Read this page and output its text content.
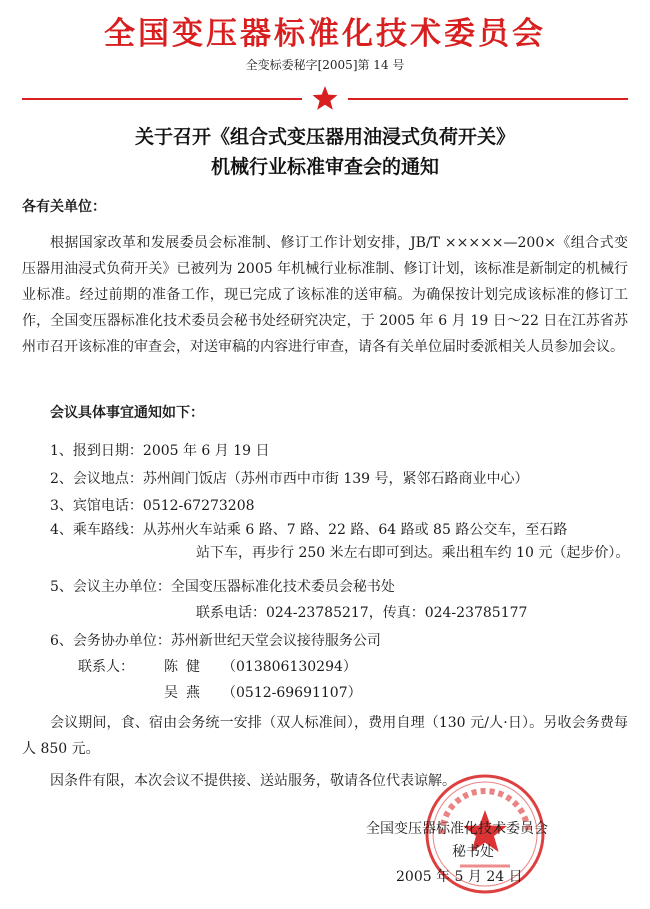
全国变压器标准化技术委员会
全变标委秘字[2005]第 14 号
关于召开《组合式变压器用油浸式负荷开关》
机械行业标准审查会的通知
各有关单位：
根据国家改革和发展委员会标准制、修订工作计划安排，JB/T ×××××—200×《组合式变压器用油浸式负荷开关》已被列为 2005 年机械行业标准制、修订计划，该标准是新制定的机械行业标准。经过前期的准备工作，现已完成了该标准的送审稿。为确保按计划完成该标准的修订工作，全国变压器标准化技术委员会秘书处经研究决定，于 2005 年 6 月 19 日～22 日在江苏省苏州市召开该标准的审查会，对送审稿的内容进行审查，请各有关单位届时委派相关人员参加会议。
会议具体事宜通知如下：
1、报到日期：2005 年 6 月 19 日
2、会议地点：苏州阊门饭店（苏州市西中市街 139 号，紧邻石路商业中心）
3、宾馆电话：0512-67273208
4、乘车路线：从苏州火车站乘 6 路、7 路、22 路、64 路或 85 路公交车，至石路
站下车，再步行 250 米左右即可到达。乘出租车约 10 元（起步价）。
5、会议主办单位：全国变压器标准化技术委员会秘书处
联系电话：024-23785217，传真：024-23785177
6、会务协办单位：苏州新世纪天堂会议接待服务公司
联系人： 陈健 （013806130294）
吴燕 （0512-69691107）
会议期间，食、宿由会务统一安排（双人标准间），费用自理（130 元/人·日）。另收会务费每人 850 元。
因条件有限，本次会议不提供接、送站服务，敬请各位代表谅解。
全国变压器标准化技术委员会
秘书处
2005 年 5 月 24 日
